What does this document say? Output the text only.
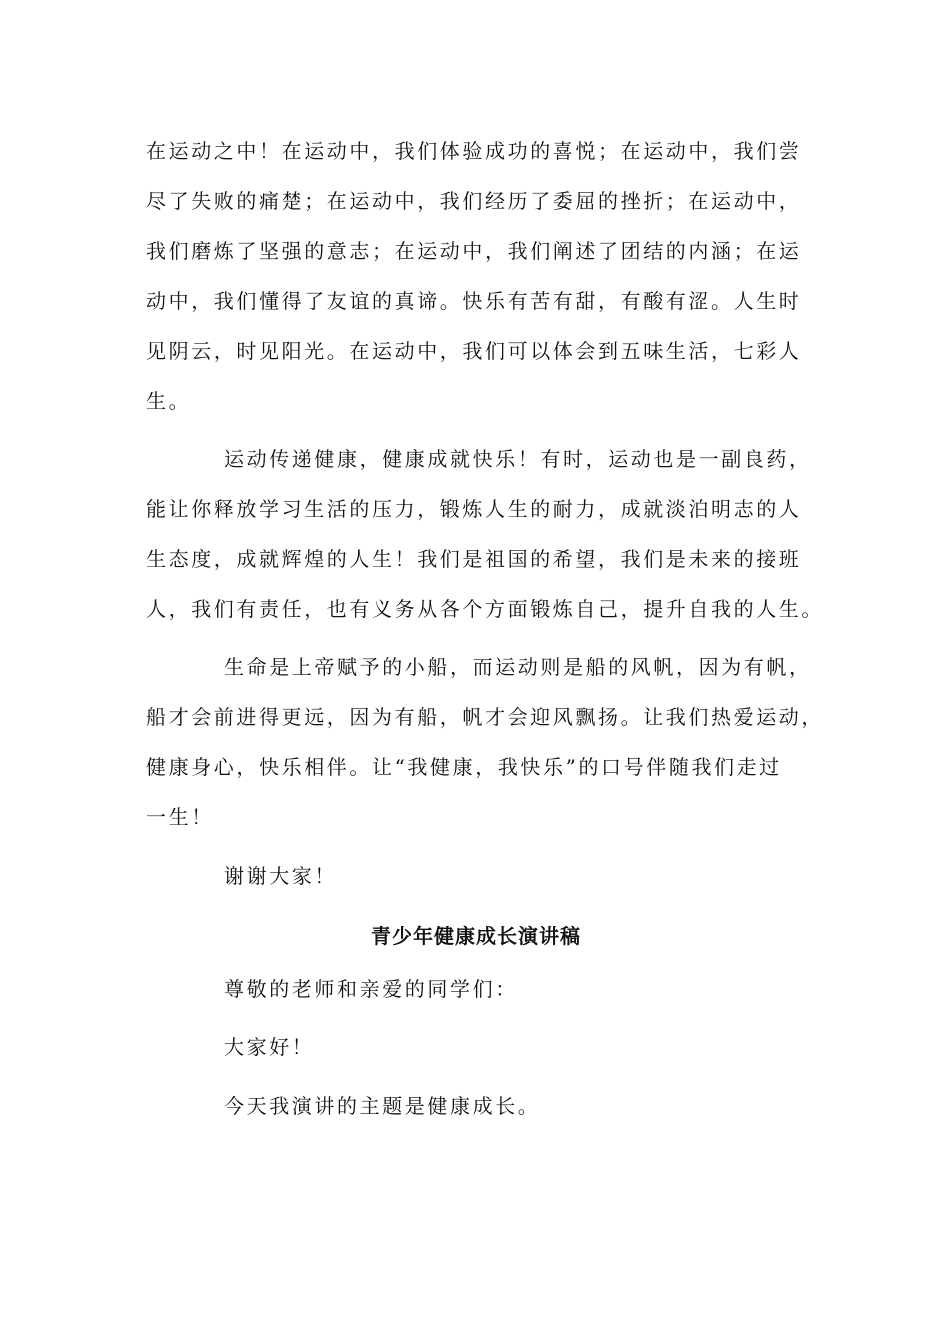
在运动之中！在运动中，我们体验成功的喜悦；在运动中，我们尝
尽了失败的痛楚；在运动中，我们经历了委屈的挫折；在运动中，
我们磨炼了坚强的意志；在运动中，我们阐述了团结的内涵；在运
动中，我们懂得了友谊的真谛。快乐有苦有甜，有酸有涩。人生时
见阴云，时见阳光。在运动中，我们可以体会到五味生活，七彩人
生。
运动传递健康，健康成就快乐！有时，运动也是一副良药，
能让你释放学习生活的压力，锻炼人生的耐力，成就淡泊明志的人
生态度，成就辉煌的人生！我们是祖国的希望，我们是未来的接班
人，我们有责任，也有义务从各个方面锻炼自己，提升自我的人生。
生命是上帝赋予的小船，而运动则是船的风帆，因为有帆，
船才会前进得更远，因为有船，帆才会迎风飘扬。让我们热爱运动，
健康身心，快乐相伴。让“我健康，我快乐”的口号伴随我们走过
一生！
谢谢大家！
青少年健康成长演讲稿
尊敬的老师和亲爱的同学们：
大家好！
今天我演讲的主题是健康成长。
